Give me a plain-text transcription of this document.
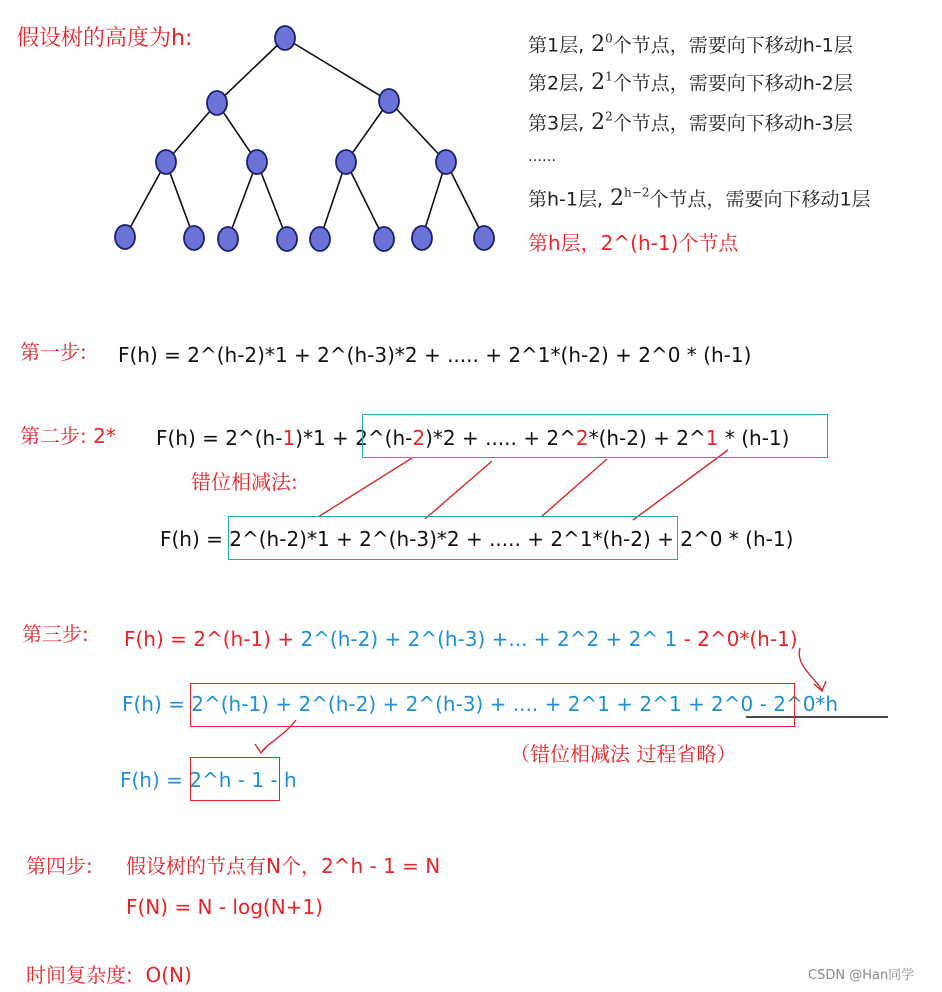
假设树的高度为h:	第1层, $2^0$个节点，需要向下移动h-1层
第2层, $2^1$个节点，需要向下移动h-2层
第3层, $2^2$个节点，需要向下移动h-3层
……
第h-1层, $2^{h-2}$个节点，需要向下移动1层
第h层，2^(h-1)个节点
第一步: F(h) = 2^(h-2)*1 + 2^(h-3)*2 + ..... + 2^1*(h-2) + 2^0 * (h-1)
第二步: 2* F(h) = 2^(h-1)*1 + 2^(h-2)*2 + ..... + 2^2*(h-2) + 2^1 * (h-1)
错位相减法:
F(h) = 2^(h-2)*1 + 2^(h-3)*2 + ..... + 2^1*(h-2) + 2^0 * (h-1)
第三步: F(h) = 2^(h-1) + 2^(h-2) + 2^(h-3) +... + 2^2 + 2^ 1 - 2^0*(h-1)
F(h) = 2^(h-1) + 2^(h-2) + 2^(h-3) + .... + 2^1 + 2^1 + 2^0 - 2^0*h
（错位相减法 过程省略）
F(h) = 2^h - 1 - h
第四步: 假设树的节点有N个，2^h - 1 = N
F(N) = N - log(N+1)
时间复杂度: O(N)	CSDN @Han同学
